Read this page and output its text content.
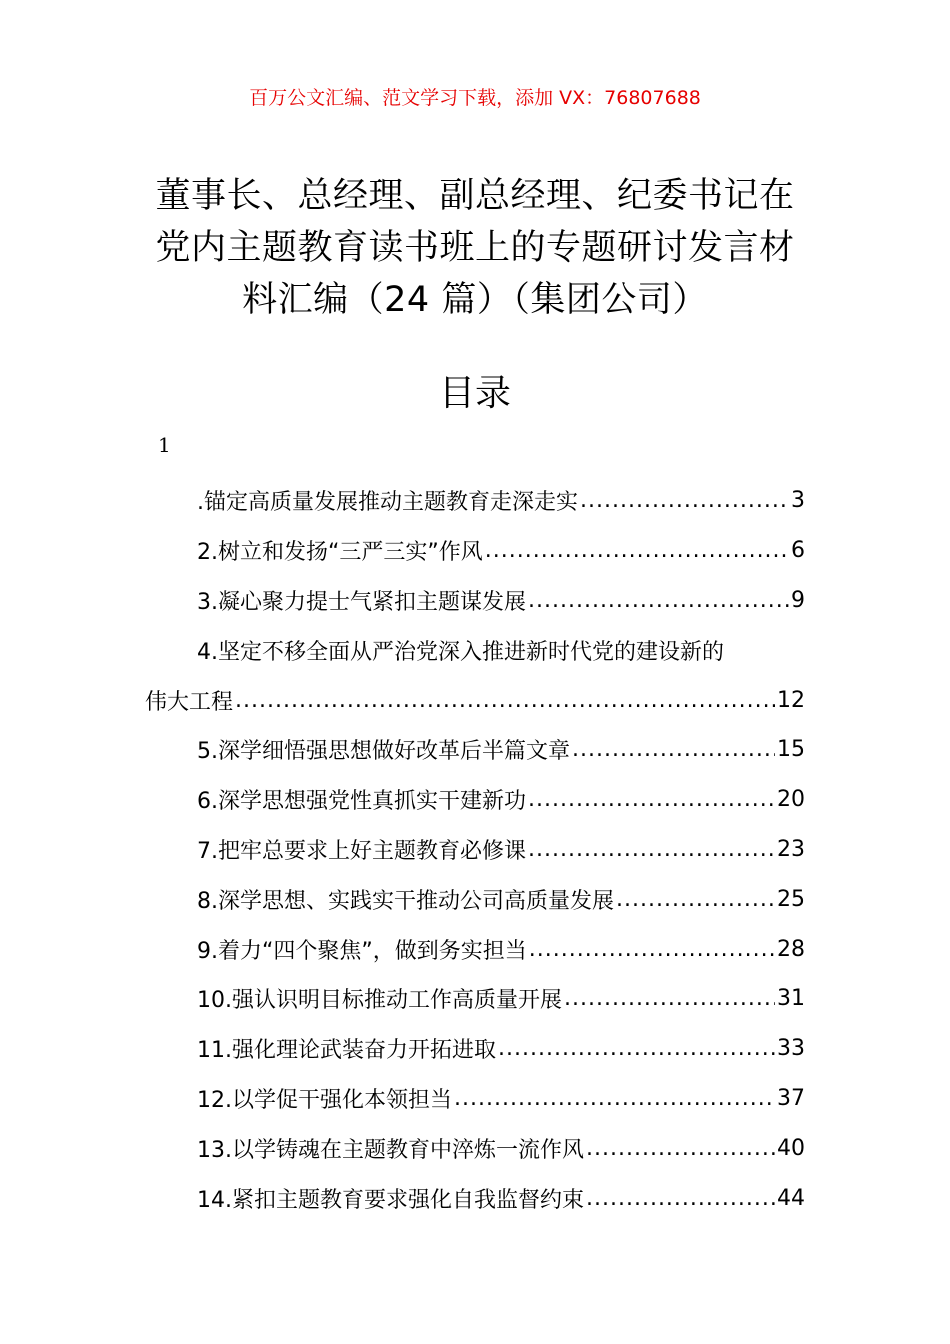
百万公文汇编、范文学习下载，添加 VX：76807688
董事长、总经理、副总经理、纪委书记在
党内主题教育读书班上的专题研讨发言材
料汇编（24 篇）（集团公司）
目录
1
.锚定高质量发展推动主题教育走深走实 .....	3
2.树立和发扬“三严三实”作风 .....	6
3.凝心聚力提士气紧扣主题谋发展 .....	9
4.坚定不移全面从严治党深入推进新时代党的建设新的
伟大工程 .....	12
5.深学细悟强思想做好改革后半篇文章 .....	15
6.深学思想强党性真抓实干建新功 .....	20
7.把牢总要求上好主题教育必修课 .....	23
8.深学思想、实践实干推动公司高质量发展 .....	25
9.着力“四个聚焦”，做到务实担当 .....	28
10.强认识明目标推动工作高质量开展 .....	31
11.强化理论武装奋力开拓进取 .....	33
12.以学促干强化本领担当 .....	37
13.以学铸魂在主题教育中淬炼一流作风 .....	40
14.紧扣主题教育要求强化自我监督约束 .....	44
